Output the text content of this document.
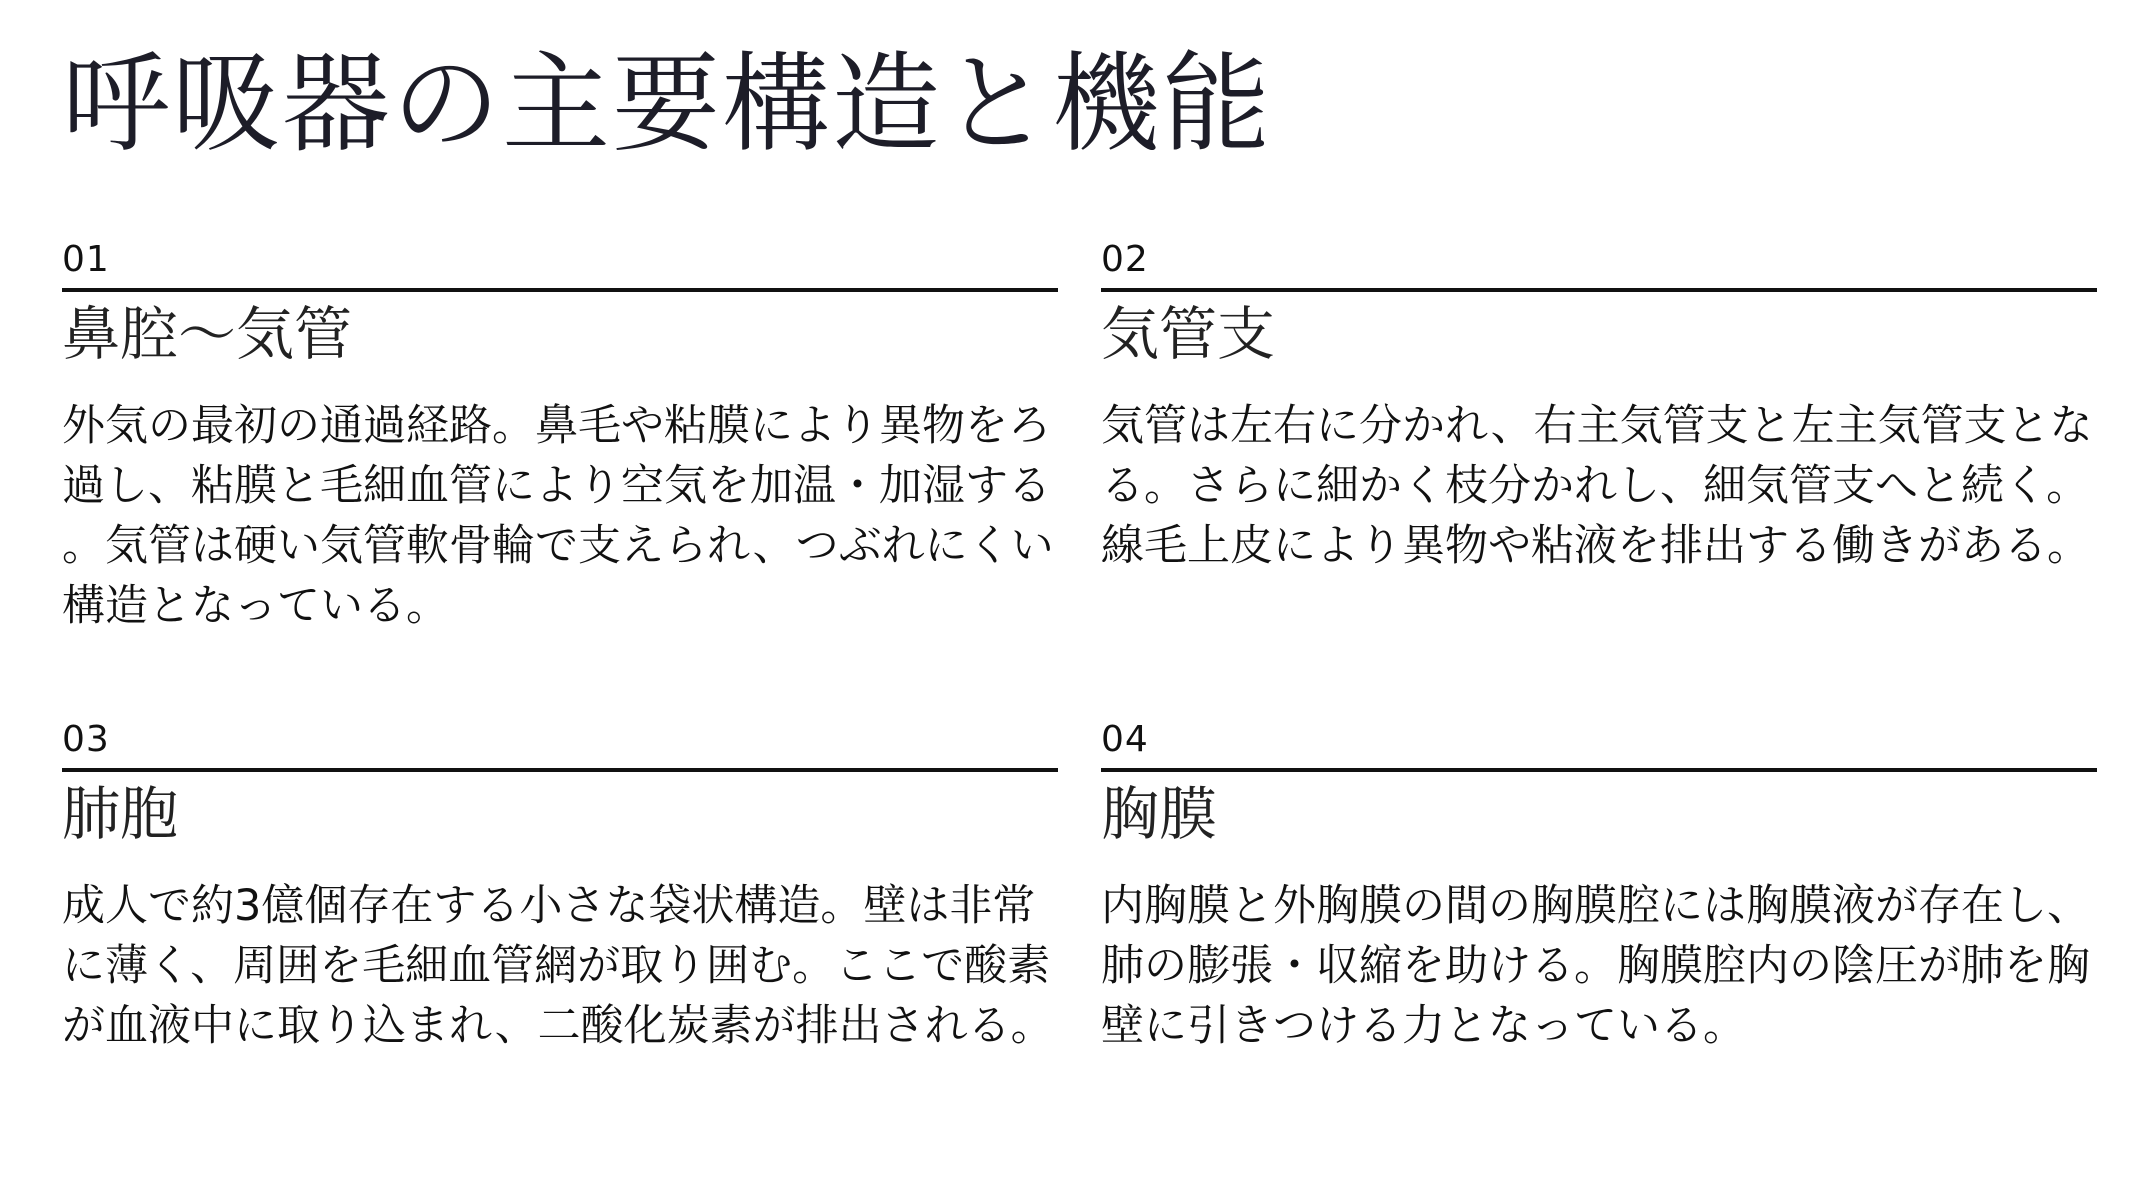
呼吸器の主要構造と機能
01
鼻腔～気管
外気の最初の通過経路。鼻毛や粘膜により異物をろ過し、粘膜と毛細血管により空気を加温・加湿する。気管は硬い気管軟骨輪で支えられ、つぶれにくい構造となっている。
02
気管支
気管は左右に分かれ、右主気管支と左主気管支となる。さらに細かく枝分かれし、細気管支へと続く。線毛上皮により異物や粘液を排出する働きがある。
03
肺胞
成人で約3億個存在する小さな袋状構造。壁は非常に薄く、周囲を毛細血管網が取り囲む。ここで酸素が血液中に取り込まれ、二酸化炭素が排出される。
04
胸膜
内胸膜と外胸膜の間の胸膜腔には胸膜液が存在し、肺の膨張・収縮を助ける。胸膜腔内の陰圧が肺を胸壁に引きつける力となっている。
